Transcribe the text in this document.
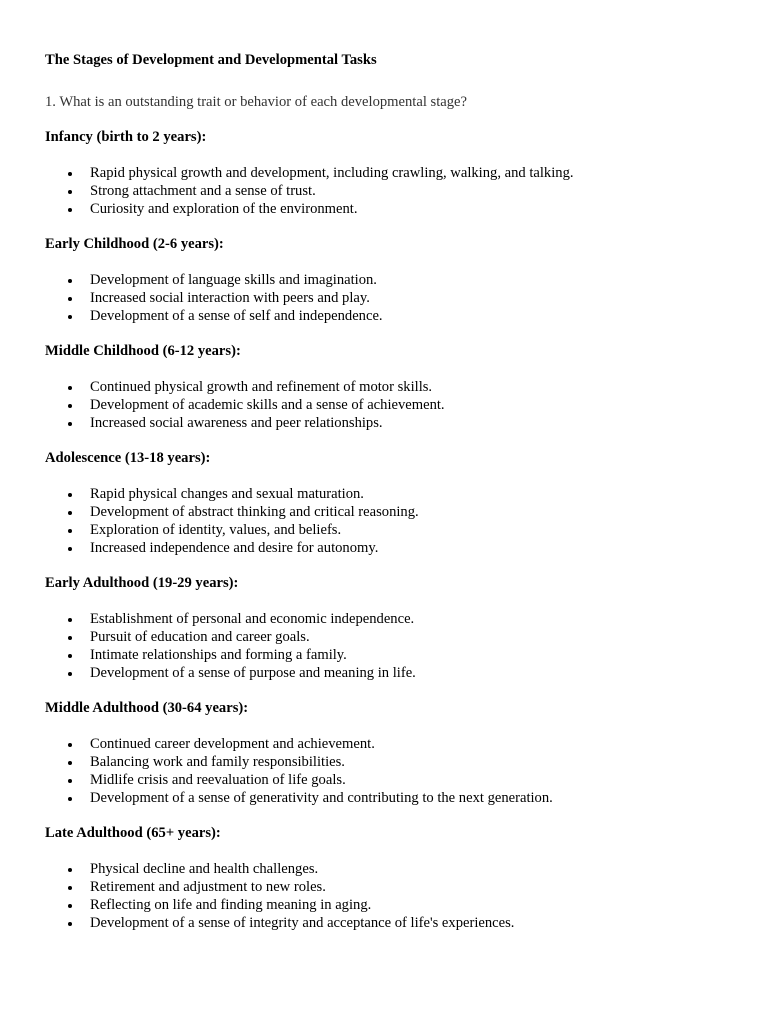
The Stages of Development and Developmental Tasks

1. What is an outstanding trait or behavior of each developmental stage?

Infancy (birth to 2 years):

Rapid physical growth and development, including crawling, walking, and talking.
Strong attachment and a sense of trust.
Curiosity and exploration of the environment.

Early Childhood (2-6 years):

Development of language skills and imagination.
Increased social interaction with peers and play.
Development of a sense of self and independence.

Middle Childhood (6-12 years):

Continued physical growth and refinement of motor skills.
Development of academic skills and a sense of achievement.
Increased social awareness and peer relationships.

Adolescence (13-18 years):

Rapid physical changes and sexual maturation.
Development of abstract thinking and critical reasoning.
Exploration of identity, values, and beliefs.
Increased independence and desire for autonomy.

Early Adulthood (19-29 years):

Establishment of personal and economic independence.
Pursuit of education and career goals.
Intimate relationships and forming a family.
Development of a sense of purpose and meaning in life.

Middle Adulthood (30-64 years):

Continued career development and achievement.
Balancing work and family responsibilities.
Midlife crisis and reevaluation of life goals.
Development of a sense of generativity and contributing to the next generation.

Late Adulthood (65+ years):

Physical decline and health challenges.
Retirement and adjustment to new roles.
Reflecting on life and finding meaning in aging.
Development of a sense of integrity and acceptance of life's experiences.
